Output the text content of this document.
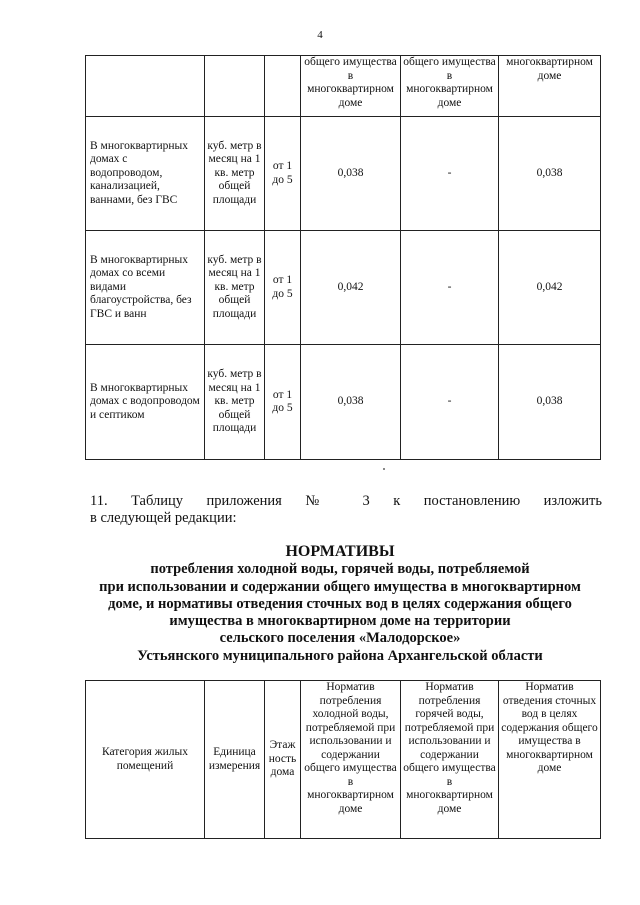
4
			общего имущества в многоквартирном доме	общего имущества в многоквартирном доме	многоквартирном доме
В многоквартирных домах с водопроводом, канализацией, ваннами, без ГВС	куб. метр в месяц на 1 кв. метр общей площади	от 1 до 5	0,038	-	0,038
В многоквартирных домах со всеми видами благоустройства, без ГВС и ванн	куб. метр в месяц на 1 кв. метр общей площади	от 1 до 5	0,042	-	0,042
В многоквартирных домах с водопроводом и септиком	куб. метр в месяц на 1 кв. метр общей площади	от 1 до 5	0,038	-	0,038
11. Таблицу приложения № 3 к постановлению изложить
в следующей редакции:
НОРМАТИВЫ
потребления холодной воды, горячей воды, потребляемой
при использовании и содержании общего имущества в многоквартирном
доме, и нормативы отведения сточных вод в целях содержания общего
имущества в многоквартирном доме на территории
сельского поселения «Малодорское»
Устьянского муниципального района Архангельской области
Категория жилых помещений	Единица измерения	Этаж ность дома	Норматив потребления холодной воды, потребляемой при использовании и содержании общего имущества в многоквартирном доме	Норматив потребления горячей воды, потребляемой при использовании и содержании общего имущества в многоквартирном доме	Норматив отведения сточных вод в целях содержания общего имущества в многоквартирном доме
